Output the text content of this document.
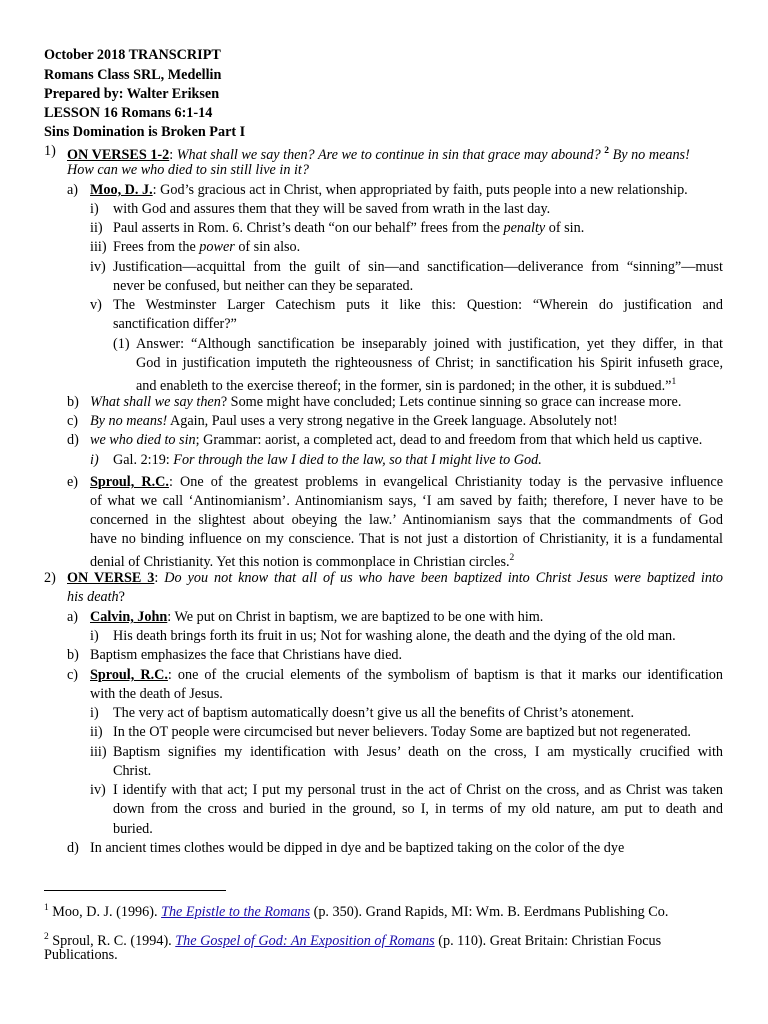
October 2018 TRANSCRIPT
Romans Class SRL, Medellin
Prepared by: Walter Eriksen
LESSON 16 Romans 6:1-14
Sins Domination is Broken Part I
1) ON VERSES 1-2: What shall we say then? Are we to continue in sin that grace may abound? $^2$ By no means!
How can we who died to sin still live in it?
a) Moo, D. J.: God’s gracious act in Christ, when appropriated by faith, puts people into a new relationship.
i) with God and assures them that they will be saved from wrath in the last day.
ii) Paul asserts in Rom. 6. Christ’s death “on our behalf” frees from the penalty of sin.
iii) Frees from the power of sin also.
iv) Justification—acquittal from the guilt of sin—and sanctification—deliverance from “sinning”—must
never be confused, but neither can they be separated.
v) The Westminster Larger Catechism puts it like this: Question: “Wherein do justification and
sanctification differ?”
(1) Answer: “Although sanctification be inseparably joined with justification, yet they differ, in that
God in justification imputeth the righteousness of Christ; in sanctification his Spirit infuseth grace,
and enableth to the exercise thereof; in the former, sin is pardoned; in the other, it is subdued.”$^1$
b) What shall we say then? Some might have concluded; Lets continue sinning so grace can increase more.
c) By no means! Again, Paul uses a very strong negative in the Greek language. Absolutely not!
d) we who died to sin; Grammar: aorist, a completed act, dead to and freedom from that which held us captive.
i) Gal. 2:19: For through the law I died to the law, so that I might live to God.
e) Sproul, R.C.: One of the greatest problems in evangelical Christianity today is the pervasive influence
of what we call ‘Antinomianism’. Antinomianism says, ‘I am saved by faith; therefore, I never have to be
concerned in the slightest about obeying the law.’ Antinomianism says that the commandments of God
have no binding influence on my conscience. That is not just a distortion of Christianity, it is a fundamental
denial of Christianity. Yet this notion is commonplace in Christian circles.$^2$
2) ON VERSE 3: Do you not know that all of us who have been baptized into Christ Jesus were baptized into
his death?
a) Calvin, John: We put on Christ in baptism, we are baptized to be one with him.
i) His death brings forth its fruit in us; Not for washing alone, the death and the dying of the old man.
b) Baptism emphasizes the face that Christians have died.
c) Sproul, R.C.: one of the crucial elements of the symbolism of baptism is that it marks our identification
with the death of Jesus.
i) The very act of baptism automatically doesn’t give us all the benefits of Christ’s atonement.
ii) In the OT people were circumcised but never believers. Today Some are baptized but not regenerated.
iii) Baptism signifies my identification with Jesus’ death on the cross, I am mystically crucified with
Christ.
iv) I identify with that act; I put my personal trust in the act of Christ on the cross, and as Christ was taken
down from the cross and buried in the ground, so I, in terms of my old nature, am put to death and
buried.
d) In ancient times clothes would be dipped in dye and be baptized taking on the color of the dye
$^1$ Moo, D. J. (1996). The Epistle to the Romans (p. 350). Grand Rapids, MI: Wm. B. Eerdmans Publishing Co.
$^2$ Sproul, R. C. (1994). The Gospel of God: An Exposition of Romans (p. 110). Great Britain: Christian Focus
Publications.
